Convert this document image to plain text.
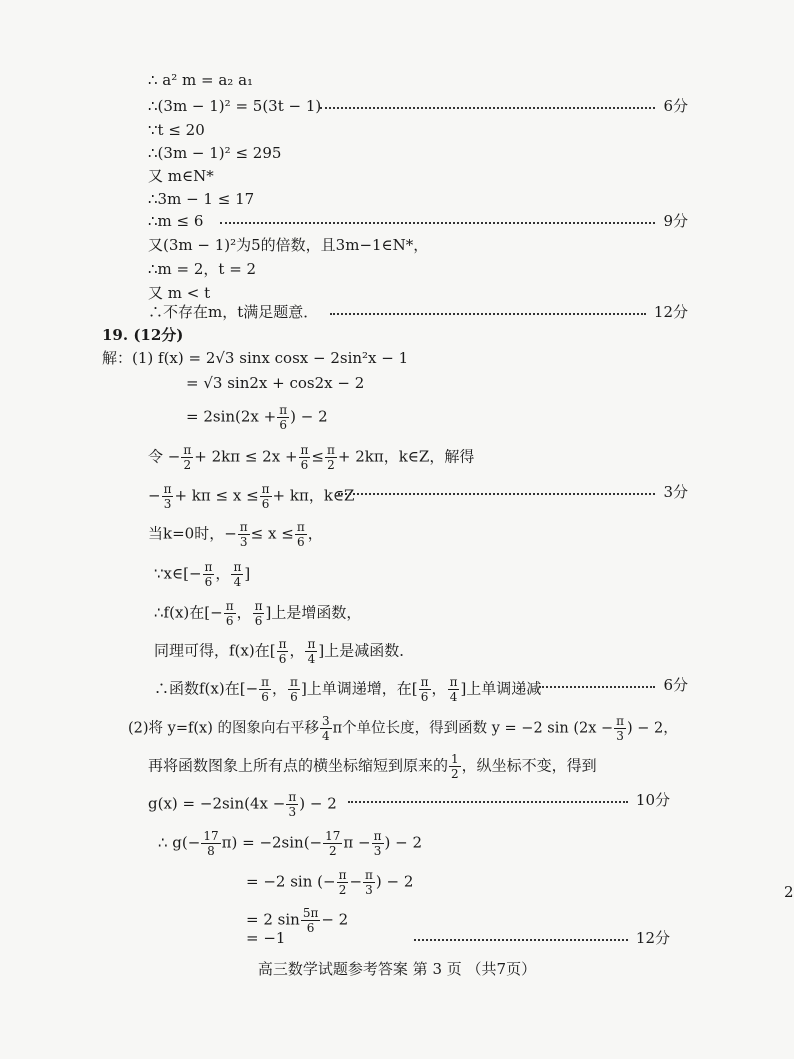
∴ a² m = a₂ a₁
∴(3m − 1)² = 5(3t − 1)	6分
∵t ≤ 20
∴(3m − 1)² ≤ 295
又 m∈N*
∴3m − 1 ≤ 17
∴m ≤ 6	9分
又(3m − 1)²为5的倍数，且3m−1∈N*，
∴m = 2，t = 2
又 m < t
∴不存在m，t满足题意．	12分
19. (12分)
解：(1) f(x) = 2√3 sinx cosx − 2sin²x − 1
= √3 sin2x + cos2x − 2
= $2\sin(2x + \frac{\pi}{6}$ ) − 2
令 − $\frac{\pi}{2} + 2k\pi \le 2x + \frac{\pi}{6} \le \frac{\pi}{2} + 2k\pi$，k∈Z，解得
− $\frac{\pi}{3} + k\pi \le x \le \frac{\pi}{6} + k\pi$，k∈Z	3分
当k=0时，− $\frac{\pi}{3} \le x \le \frac{\pi}{6}$ ，
∵x∈[− $\frac{\pi}{6}$ ， $\frac{\pi}{4}$ ]
∴f(x)在[− $\frac{\pi}{6}$ ， $\frac{\pi}{6}$ ]上是增函数，
同理可得，f(x)在[ $\frac{\pi}{6}$ ， $\frac{\pi}{4}$ ]上是减函数．
∴函数f(x)在[− $\frac{\pi}{6}$ ， $\frac{\pi}{6}$ ]上单调递增，在[ $\frac{\pi}{6}$ ， $\frac{\pi}{4}$ ]上单调递减	6分
(2)将 y=f(x) 的图象向右平移 $\frac{3}{4}$ π个单位长度，得到函数 y = −2 $\sin (2x - \frac{\pi}{3}$ ) − 2，
再将函数图象上所有点的横坐标缩短到原来的 $\frac{1}{2}$ ，纵坐标不变，得到
$g(x) = -2\sin(4x - \frac{\pi}{3}$ ) − 2	10分
∴ $g(- \frac{17}{8} \pi) = -2\sin(- \frac{17}{2}$ $\pi - \frac{\pi}{3}$ ) − 2
= −2 sin (− $\frac{\pi}{2} - \frac{\pi}{3}$ ) − 2
= 2 $\sin \frac{5\pi}{6} - 2$
= −1	12分
高三数学试题参考答案 第 3 页 （共7页）
2
